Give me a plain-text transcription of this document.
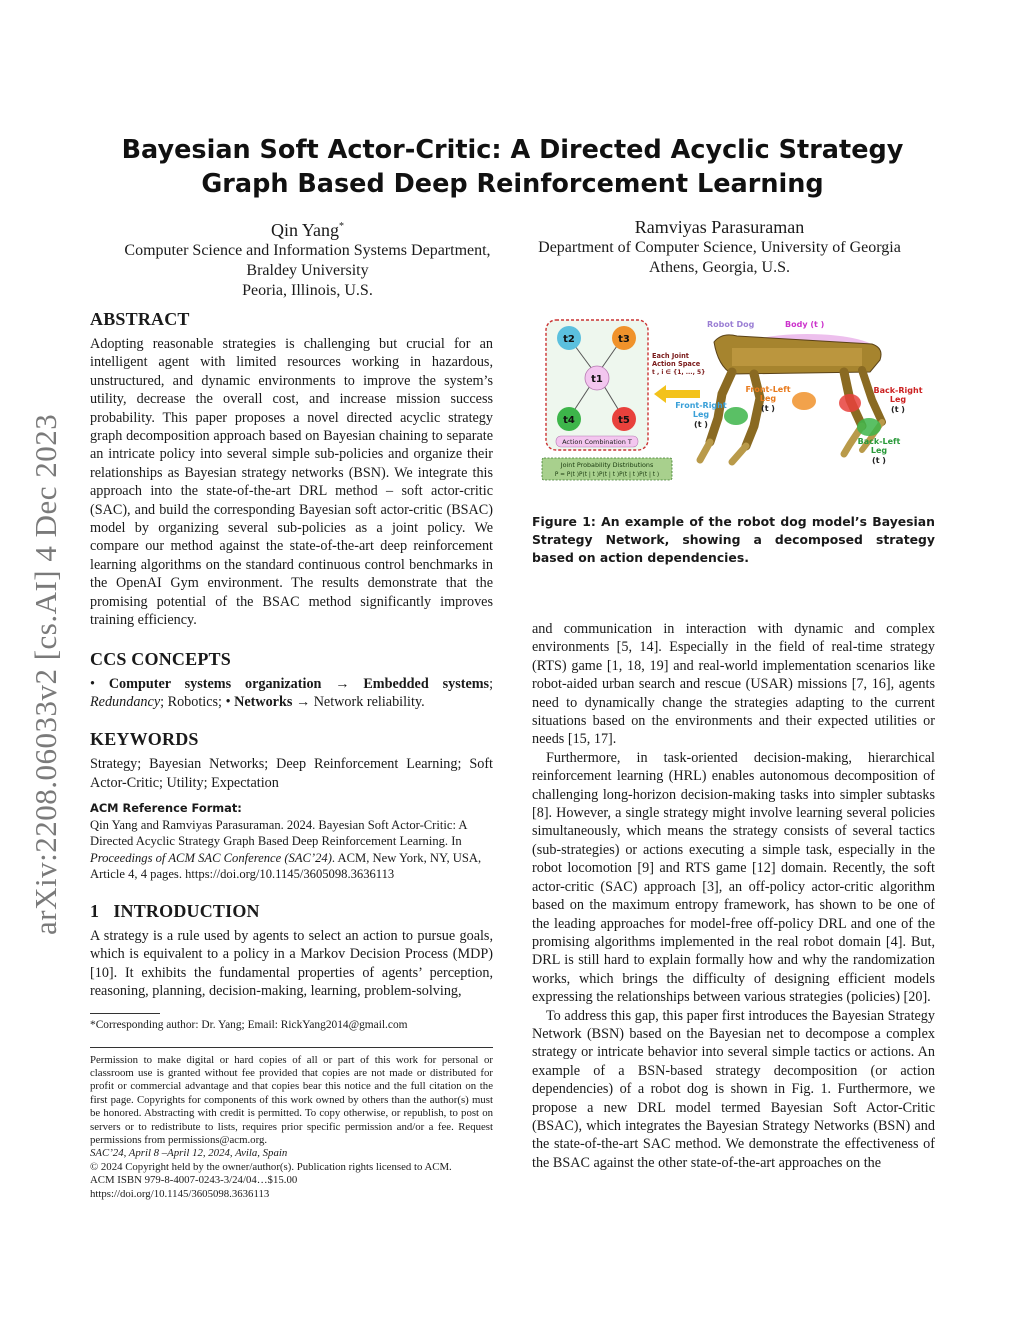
arXiv:2208.06033v2 [cs.AI] 4 Dec 2023
Bayesian Soft Actor-Critic: A Directed Acyclic Strategy Graph Based Deep Reinforcement Learning
Qin Yang*
Computer Science and Information Systems Department,
Braldey University
Peoria, Illinois, U.S.
Ramviyas Parasuraman
Department of Computer Science, University of Georgia
Athens, Georgia, U.S.
ABSTRACT

Adopting reasonable strategies is challenging but crucial for an intelligent agent with limited resources working in hazardous, unstructured, and dynamic environments to improve the system’s utility, decrease the overall cost, and increase mission success probability. This paper proposes a novel directed acyclic strategy graph decomposition approach based on Bayesian chaining to separate an intricate policy into several simple sub-policies and organize their relationships as Bayesian strategy networks (BSN). We integrate this approach into the state-of-the-art DRL method – soft actor-critic (SAC), and build the corresponding Bayesian soft actor-critic (BSAC) model by organizing several sub-policies as a joint policy. We compare our method against the state-of-the-art deep reinforcement learning algorithms on the standard continuous control benchmarks in the OpenAI Gym environment. The results demonstrate that the promising potential of the BSAC method significantly improves training efficiency.

CCS CONCEPTS

• Computer systems organization → Embedded systems; Redundancy; Robotics; • Networks → Network reliability.

KEYWORDS

Strategy; Bayesian Networks; Deep Reinforcement Learning; Soft Actor-Critic; Utility; Expectation

ACM Reference Format:

Qin Yang and Ramviyas Parasuraman. 2024. Bayesian Soft Actor-Critic: A Directed Acyclic Strategy Graph Based Deep Reinforcement Learning. In Proceedings of ACM SAC Conference (SAC’24). ACM, New York, NY, USA, Article 4, 4 pages. https://doi.org/10.1145/3605098.3636113

1 INTRODUCTION

A strategy is a rule used by agents to select an action to pursue goals, which is equivalent to a policy in a Markov Decision Process (MDP) [10]. It exhibits the fundamental properties of agents’ perception, reasoning, planning, decision-making, learning, problem-solving,

*Corresponding author: Dr. Yang; Email: RickYang2014@gmail.com

Permission to make digital or hard copies of all or part of this work for personal or classroom use is granted without fee provided that copies are not made or distributed for profit or commercial advantage and that copies bear this notice and the full citation on the first page. Copyrights for components of this work owned by others than the author(s) must be honored. Abstracting with credit is permitted. To copy otherwise, or republish, to post on servers or to redistribute to lists, requires prior specific permission and/or a fee. Request permissions from permissions@acm.org.

SAC’24, April 8 –April 12, 2024, Avila, Spain

© 2024 Copyright held by the owner/author(s). Publication rights licensed to ACM.

ACM ISBN 979-8-4007-0243-3/24/04…$15.00

https://doi.org/10.1145/3605098.3636113

t2	t3
t1
t4	t5
Action Combination T
Joint Probability Distributions
P = P(t )P(t | t )P(t | t )P(t | t )P(t | t )
Each Joint
Action Space
t , i ∈ {1, ..., 5}
Robot Dog	Body (t )
Front-Left
Leg
(t )
Front-Right
Leg
(t )
Back-Right
Leg
(t )
Back-Left
Leg
(t )
Figure 1: An example of the robot dog model’s Bayesian Strategy Network, showing a decomposed strategy based on action dependencies.

and communication in interaction with dynamic and complex environments [5, 14]. Especially in the field of real-time strategy (RTS) game [1, 18, 19] and real-world implementation scenarios like robot-aided urban search and rescue (USAR) missions [7, 16], agents need to dynamically change the strategies adapting to the current situations based on the environments and their expected utilities or needs [15, 17].

Furthermore, in task-oriented decision-making, hierarchical reinforcement learning (HRL) enables autonomous decomposition of challenging long-horizon decision-making tasks into simpler subtasks [8]. However, a single strategy might involve learning several policies simultaneously, which means the strategy consists of several tactics (sub-strategies) or actions executing a simple task, especially in the robot locomotion [9] and RTS game [12] domain. Recently, the soft actor-critic (SAC) approach [3], an off-policy actor-critic algorithm based on the maximum entropy framework, has shown to be one of the leading approaches for model-free off-policy DRL and one of the promising algorithms implemented in the real robot domain [4]. But, DRL is still hard to explain formally how and why the randomization works, which brings the difficulty of designing efficient models expressing the relationships between various strategies (policies) [20].

To address this gap, this paper first introduces the Bayesian Strategy Network (BSN) based on the Bayesian net to decompose a complex strategy or intricate behavior into several simple tactics or actions. An example of a BSN-based strategy decomposition (or action dependencies) of a robot dog is shown in Fig. 1. Furthermore, we propose a new DRL model termed Bayesian Soft Actor-Critic (BSAC), which integrates the Bayesian Strategy Networks (BSN) and the state-of-the-art SAC method. We demonstrate the effectiveness of the BSAC against the other state-of-the-art approaches on the
